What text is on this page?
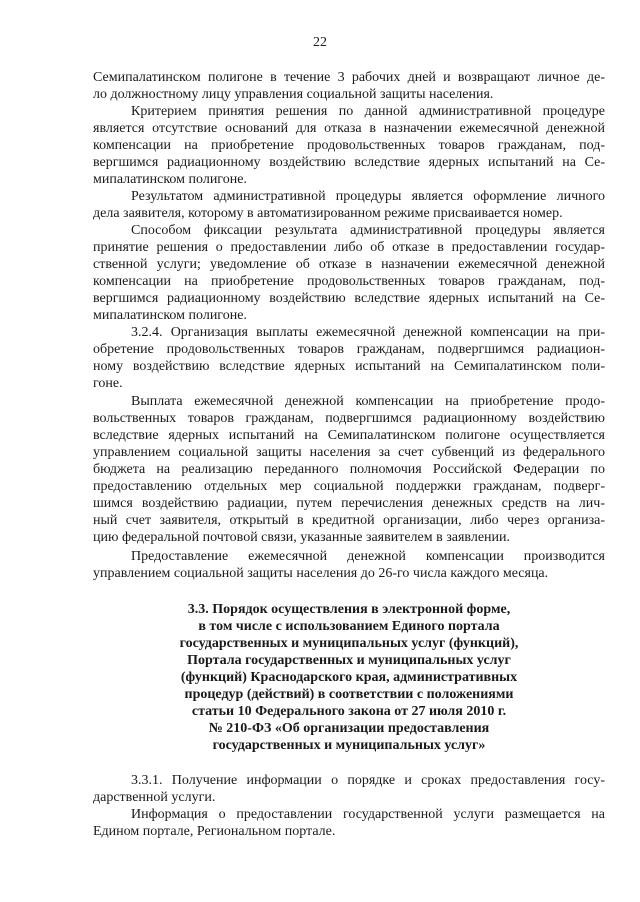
22
Семипалатинском полигоне в течение 3 рабочих дней и возвращают личное де-
ло должностному лицу управления социальной защиты населения.
Критерием принятия решения по данной административной процедуре
является отсутствие оснований для отказа в назначении ежемесячной денежной
компенсации на приобретение продовольственных товаров гражданам, под-
вергшимся радиационному воздействию вследствие ядерных испытаний на Се-
мипалатинском полигоне.
Результатом административной процедуры является оформление личного
дела заявителя, которому в автоматизированном режиме присваивается номер.
Способом фиксации результата административной процедуры является
принятие решения о предоставлении либо об отказе в предоставлении государ-
ственной услуги; уведомление об отказе в назначении ежемесячной денежной
компенсации на приобретение продовольственных товаров гражданам, под-
вергшимся радиационному воздействию вследствие ядерных испытаний на Се-
мипалатинском полигоне.
3.2.4. Организация выплаты ежемесячной денежной компенсации на при-
обретение продовольственных товаров гражданам, подвергшимся радиацион-
ному воздействию вследствие ядерных испытаний на Семипалатинском поли-
гоне.
Выплата ежемесячной денежной компенсации на приобретение продо-
вольственных товаров гражданам, подвергшимся радиационному воздействию
вследствие ядерных испытаний на Семипалатинском полигоне осуществляется
управлением социальной защиты населения за счет субвенций из федерального
бюджета на реализацию переданного полномочия Российской Федерации по
предоставлению отдельных мер социальной поддержки гражданам, подверг-
шимся воздействию радиации, путем перечисления денежных средств на лич-
ный счет заявителя, открытый в кредитной организации, либо через организа-
цию федеральной почтовой связи, указанные заявителем в заявлении.
Предоставление ежемесячной денежной компенсации производится
управлением социальной защиты населения до 26-го числа каждого месяца.
3.3. Порядок осуществления в электронной форме,
в том числе с использованием Единого портала
государственных и муниципальных услуг (функций),
Портала государственных и муниципальных услуг
(функций) Краснодарского края, административных
процедур (действий) в соответствии с положениями
статьи 10 Федерального закона от 27 июля 2010 г.
№ 210-ФЗ «Об организации предоставления
государственных и муниципальных услуг»
3.3.1. Получение информации о порядке и сроках предоставления госу-
дарственной услуги.
Информация о предоставлении государственной услуги размещается на
Едином портале, Региональном портале.
